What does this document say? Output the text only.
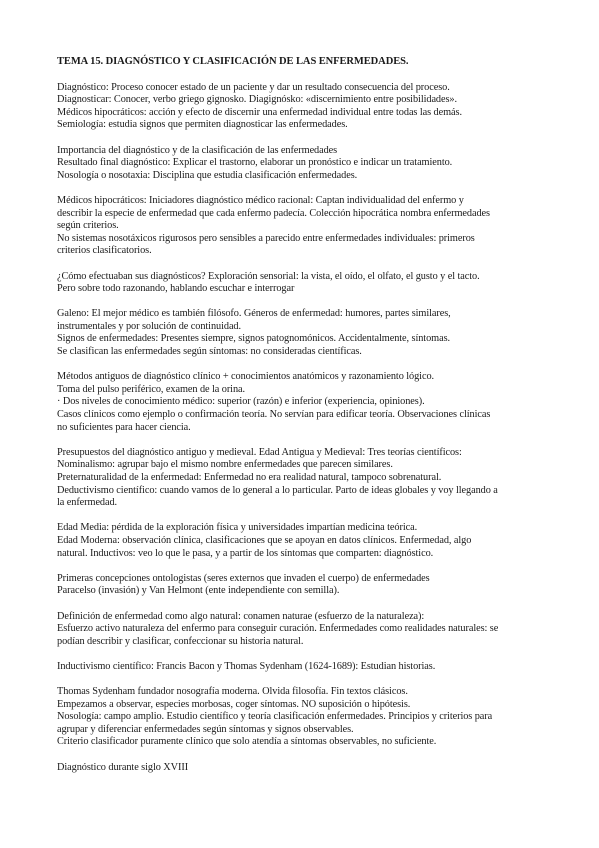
TEMA 15. DIAGNÓSTICO Y CLASIFICACIÓN DE LAS ENFERMEDADES.
Diagnóstico: Proceso conocer estado de un paciente y dar un resultado consecuencia del proceso.
Diagnosticar: Conocer, verbo griego gignosko. Diagignósko: «discernimiento entre posibilidades».
Médicos hipocráticos: acción y efecto de discernir una enfermedad individual entre todas las demás.
Semiología: estudia signos que permiten diagnosticar las enfermedades.
Importancia del diagnóstico y de la clasificación de las enfermedades
Resultado final diagnóstico: Explicar el trastorno, elaborar un pronóstico e indicar un tratamiento.
Nosología o nosotaxia: Disciplina que estudia clasificación enfermedades.
Médicos hipocráticos: Iniciadores diagnóstico médico racional: Captan individualidad del enfermo y
describir la especie de enfermedad que cada enfermo padecía. Colección hipocrática nombra enfermedades
según criterios.
No sistemas nosotáxicos rigurosos pero sensibles a parecido entre enfermedades individuales: primeros
criterios clasificatorios.
¿Cómo efectuaban sus diagnósticos? Exploración sensorial: la vista, el oído, el olfato, el gusto y el tacto.
Pero sobre todo razonando, hablando escuchar e interrogar
Galeno: El mejor médico es también filósofo. Géneros de enfermedad: humores, partes similares,
instrumentales y por solución de continuidad.
Signos de enfermedades: Presentes siempre, signos patognomónicos. Accidentalmente, síntomas.
Se clasifican las enfermedades según síntomas: no consideradas científicas.
Métodos antiguos de diagnóstico clínico + conocimientos anatómicos y razonamiento lógico.
Toma del pulso periférico, examen de la orina.
· Dos niveles de conocimiento médico: superior (razón) e inferior (experiencia, opiniones).
Casos clínicos como ejemplo o confirmación teoría. No servían para edificar teoría. Observaciones clínicas
no suficientes para hacer ciencia.
Presupuestos del diagnóstico antiguo y medieval. Edad Antigua y Medieval: Tres teorías científicos:
Nominalismo: agrupar bajo el mismo nombre enfermedades que parecen similares.
Preternaturalidad de la enfermedad: Enfermedad no era realidad natural, tampoco sobrenatural.
Deductivismo científico: cuando vamos de lo general a lo particular. Parto de ideas globales y voy llegando a
la enfermedad.
Edad Media: pérdida de la exploración física y universidades impartían medicina teórica.
Edad Moderna: observación clínica, clasificaciones que se apoyan en datos clínicos. Enfermedad, algo
natural. Inductivos: veo lo que le pasa, y a partir de los síntomas que comparten: diagnóstico.
Primeras concepciones ontologistas (seres externos que invaden el cuerpo) de enfermedades
Paracelso (invasión) y Van Helmont (ente independiente con semilla).
Definición de enfermedad como algo natural: conamen naturae (esfuerzo de la naturaleza):
Esfuerzo activo naturaleza del enfermo para conseguir curación. Enfermedades como realidades naturales: se
podían describir y clasificar, confeccionar su historia natural.
Inductivismo científico: Francis Bacon y Thomas Sydenham (1624-1689): Estudian historias.
Thomas Sydenham fundador nosografía moderna. Olvida filosofía. Fin textos clásicos.
Empezamos a observar, especies morbosas, coger síntomas. NO suposición o hipótesis.
Nosología: campo amplio. Estudio científico y teoría clasificación enfermedades. Principios y criterios para
agrupar y diferenciar enfermedades según síntomas y signos observables.
Criterio clasificador puramente clínico que solo atendía a síntomas observables, no suficiente.
Diagnóstico durante siglo XVIII
